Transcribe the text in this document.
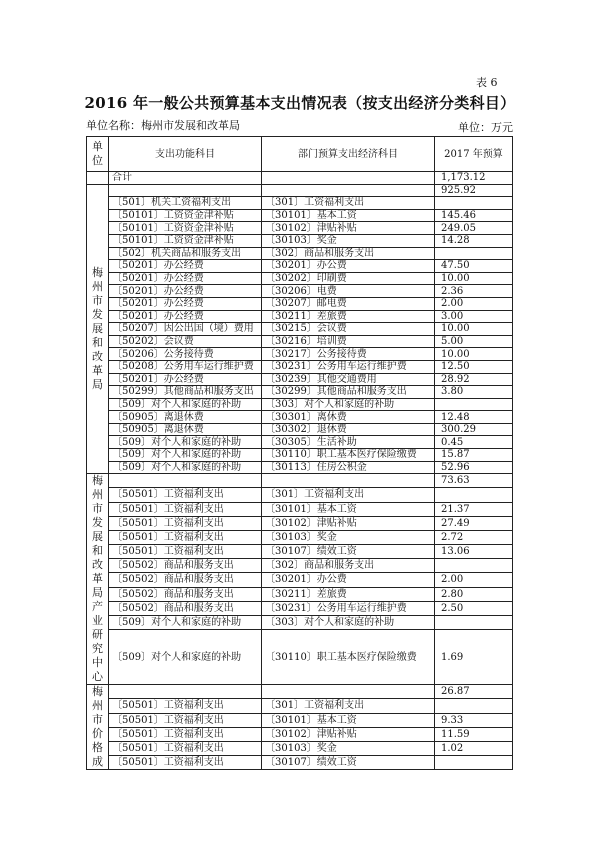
表 6
2016 年一般公共预算基本支出情况表（按支出经济分类科目）
单位名称：梅州市发展和改革局	单位：万元
单位	支出功能科目	部门预算支出经济科目	2017 年预算
	合计		1,173.12
梅州市发展和改革局			925.92
	〔501〕机关工资福利支出	〔301〕工资福利支出	
	〔50101〕工资资金津补贴	〔30101〕基本工资	145.46
	〔50101〕工资资金津补贴	〔30102〕津贴补贴	249.05
	〔50101〕工资资金津补贴	〔30103〕奖金	14.28
	〔502〕机关商品和服务支出	〔302〕商品和服务支出	
	〔50201〕办公经费	〔30201〕办公费	47.50
	〔50201〕办公经费	〔30202〕印刷费	10.00
	〔50201〕办公经费	〔30206〕电费	2.36
	〔50201〕办公经费	〔30207〕邮电费	2.00
	〔50201〕办公经费	〔30211〕差旅费	3.00
	〔50207〕因公出国（境）费用	〔30215〕会议费	10.00
	〔50202〕会议费	〔30216〕培训费	5.00
	〔50206〕公务接待费	〔30217〕公务接待费	10.00
	〔50208〕公务用车运行维护费	〔30231〕公务用车运行维护费	12.50
	〔50201〕办公经费	〔30239〕其他交通费用	28.92
	〔50299〕其他商品和服务支出	〔30299〕其他商品和服务支出	3.80
	〔509〕对个人和家庭的补助	〔303〕对个人和家庭的补助	
	〔50905〕离退休费	〔30301〕离休费	12.48
	〔50905〕离退休费	〔30302〕退休费	300.29
	〔509〕对个人和家庭的补助	〔30305〕生活补助	0.45
	〔509〕对个人和家庭的补助	〔30110〕职工基本医疗保险缴费	15.87
	〔509〕对个人和家庭的补助	〔30113〕住房公积金	52.96
梅州市发展和改革局产业研究中心			73.63
	〔50501〕工资福利支出	〔301〕工资福利支出	
	〔50501〕工资福利支出	〔30101〕基本工资	21.37
	〔50501〕工资福利支出	〔30102〕津贴补贴	27.49
	〔50501〕工资福利支出	〔30103〕奖金	2.72
	〔50501〕工资福利支出	〔30107〕绩效工资	13.06
	〔50502〕商品和服务支出	〔302〕商品和服务支出	
	〔50502〕商品和服务支出	〔30201〕办公费	2.00
	〔50502〕商品和服务支出	〔30211〕差旅费	2.80
	〔50502〕商品和服务支出	〔30231〕公务用车运行维护费	2.50
	〔509〕对个人和家庭的补助	〔303〕对个人和家庭的补助	
	〔509〕对个人和家庭的补助	〔30110〕职工基本医疗保险缴费	1.69
梅州市价格成			26.87
	〔50501〕工资福利支出	〔301〕工资福利支出	
	〔50501〕工资福利支出	〔30101〕基本工资	9.33
	〔50501〕工资福利支出	〔30102〕津贴补贴	11.59
	〔50501〕工资福利支出	〔30103〕奖金	1.02
	〔50501〕工资福利支出	〔30107〕绩效工资	
